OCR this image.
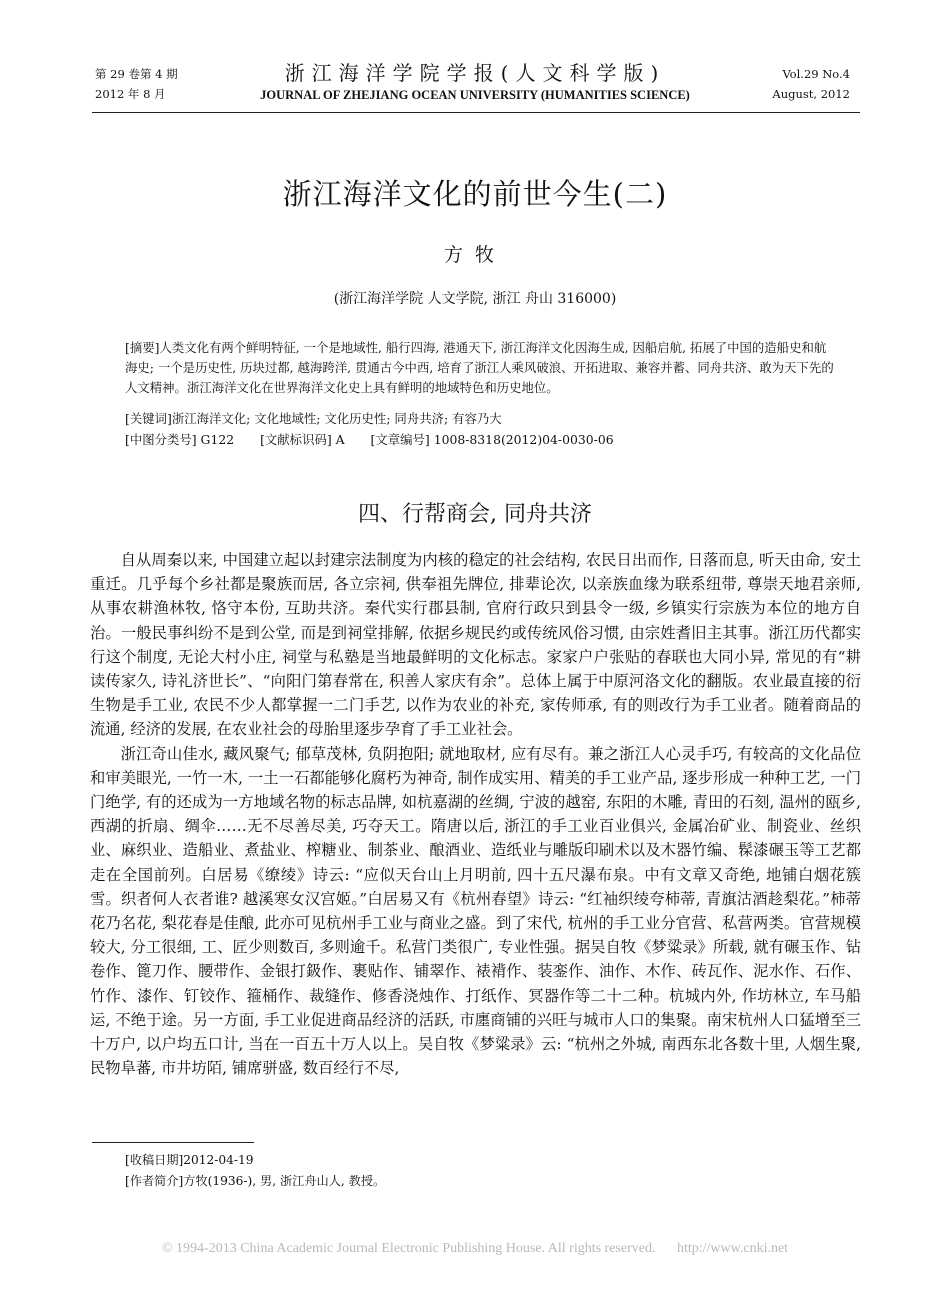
第 29 卷第 4 期
2012 年 8 月
浙江海洋学院学报(人文科学版)
JOURNAL OF ZHEJIANG OCEAN UNIVERSITY (HUMANITIES SCIENCE)
Vol.29 No.4
August, 2012
浙江海洋文化的前世今生(二)
方牧
(浙江海洋学院 人文学院, 浙江 舟山 316000)
[摘要]人类文化有两个鲜明特征, 一个是地域性, 船行四海, 港通天下, 浙江海洋文化因海生成, 因船启航, 拓展了中国的造船史和航海史; 一个是历史性, 历块过都, 越海跨洋, 贯通古今中西, 培育了浙江人乘风破浪、开拓进取、兼容并蓄、同舟共济、敢为天下先的人文精神。浙江海洋文化在世界海洋文化史上具有鲜明的地域特色和历史地位。
[关键词]浙江海洋文化; 文化地域性; 文化历史性; 同舟共济; 有容乃大
[中图分类号] G122 [文献标识码] A [文章编号] 1008-8318(2012)04-0030-06
四、行帮商会, 同舟共济

自从周秦以来, 中国建立起以封建宗法制度为内核的稳定的社会结构, 农民日出而作, 日落而息, 听天由命, 安土重迁。几乎每个乡社都是聚族而居, 各立宗祠, 供奉祖先牌位, 排辈论次, 以亲族血缘为联系纽带, 尊崇天地君亲师, 从事农耕渔林牧, 恪守本份, 互助共济。秦代实行郡县制, 官府行政只到县令一级, 乡镇实行宗族为本位的地方自治。一般民事纠纷不是到公堂, 而是到祠堂排解, 依据乡规民约或传统风俗习惯, 由宗姓耆旧主其事。浙江历代都实行这个制度, 无论大村小庄, 祠堂与私塾是当地最鲜明的文化标志。家家户户张贴的春联也大同小异, 常见的有“耕读传家久, 诗礼济世长”、“向阳门第春常在, 积善人家庆有余”。总体上属于中原河洛文化的翻版。农业最直接的衍生物是手工业, 农民不少人都掌握一二门手艺, 以作为农业的补充, 家传师承, 有的则改行为手工业者。随着商品的流通, 经济的发展, 在农业社会的母胎里逐步孕育了手工业社会。

浙江奇山佳水, 藏风聚气; 郁草茂林, 负阴抱阳; 就地取材, 应有尽有。兼之浙江人心灵手巧, 有较高的文化品位和审美眼光, 一竹一木, 一土一石都能够化腐朽为神奇, 制作成实用、精美的手工业产品, 逐步形成一种种工艺, 一门门绝学, 有的还成为一方地域名物的标志品牌, 如杭嘉湖的丝绸, 宁波的越窑, 东阳的木雕, 青田的石刻, 温州的瓯乡, 西湖的折扇、绸伞……无不尽善尽美, 巧夺天工。隋唐以后, 浙江的手工业百业俱兴, 金属冶矿业、制瓷业、丝织业、麻织业、造船业、煮盐业、榨糖业、制茶业、酿酒业、造纸业与雕版印刷术以及木器竹编、髹漆碾玉等工艺都走在全国前列。白居易《缭绫》诗云: “应似天台山上月明前, 四十五尺瀑布泉。中有文章又奇绝, 地铺白烟花簇雪。织者何人衣者谁? 越溪寒女汉宫姬。”白居易又有《杭州春望》诗云: “红袖织绫夸柿蒂, 青旗沽酒趁梨花。”柿蒂花乃名花, 梨花春是佳酿, 此亦可见杭州手工业与商业之盛。到了宋代, 杭州的手工业分官营、私营两类。官营规模较大, 分工很细, 工、匠少则数百, 多则逾千。私营门类很广, 专业性强。据吴自牧《梦粱录》所载, 就有碾玉作、钻卷作、篦刀作、腰带作、金银打鈒作、裹贴作、铺翠作、裱褙作、装銮作、油作、木作、砖瓦作、泥水作、石作、竹作、漆作、钉铰作、箍桶作、裁缝作、修香浇烛作、打纸作、冥器作等二十二种。杭城内外, 作坊林立, 车马船运, 不绝于途。另一方面, 手工业促进商品经济的活跃, 市廛商铺的兴旺与城市人口的集聚。南宋杭州人口猛增至三十万户, 以户均五口计, 当在一百五十万人以上。吴自牧《梦粱录》云: “杭州之外城, 南西东北各数十里, 人烟生聚, 民物阜蕃, 市井坊陌, 铺席骈盛, 数百经行不尽,

[收稿日期]2012-04-19
[作者简介]方牧(1936-), 男, 浙江舟山人, 教授。
© 1994-2013 China Academic Journal Electronic Publishing House. All rights reserved. http://www.cnki.net
